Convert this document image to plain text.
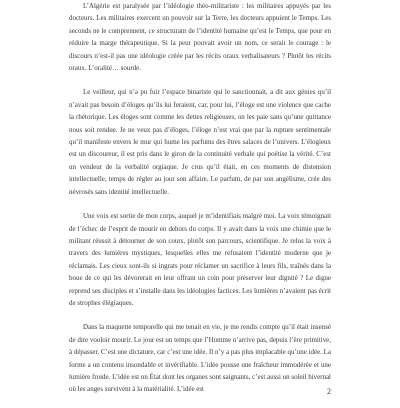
L’Algérie est paralysée par l’idéologie théo-militariste : les militaires appuyés par les docteurs. Les militaires exercent un pouvoir sur la Terre, les docteurs appuient le Temps. Les seconds ne le comprennent, ce structurant de l’identité humaine qu’est le Temps, que pour en réduire la marge thérapeutique. Si la peur pouvait avoir un nom, ce serait le courage : le discours n’est-il pas une idéologie créée par les récits oraux verbalisateurs ? Plutôt les récits oraux. L’oralité… sourde.

Le veilleur, qui n’a pu fuir l’espace binariste qui le sanctionnait, a dit aux génies qu’il n’avait pas besoin d’éloges qu’ils lui feraient, car, pour lui, l’éloge est une violence que cache la rhétorique. Les éloges sont comme les dettes religieuses, on les paie sans qu’une quittance nous soit rendue. Je ne veux pas d’éloges, l’éloge n’est vrai que par la rupture sentimentale qu’il manifeste envers le mur qui hume les parfums des êtres salaces de l’univers. L’élogieux est un discoureur, il est pris dans le giron de la continuité verbale qui poétise la vérité. C’est un vendeur de la verbalité orgiaque. Je crus qu’il était, en ces moments de distension intellectuelle, temps de régler au jour son affaire. Le parfum, de par son angélisme, crée des névrosés sans identité intellectuelle.

Une voix est sortie de mon corps, auquel je m’identifiais malgré moi. La voix témoignait de l’échec de l’esprit de mourir en dehors du corps. Il y avait dans la voix une chimie que le militant réussit à détourner de son cours, plutôt son parcours, scientifique. Je relus la voix à travers des lumières mystiques, lesquelles elles me refusaient l’identité moderne que je réclamais. Les cieux sont-ils si ingrats pour réclamer un sacrifice à leurs fils, traînés dans la boue de ce qui les dévorerait en leur offrant un coin pour préserver leur dignité ? Le digne reprend ses disciples et s’installe dans les idéologies factices. Les lumières n’avaient pas écrit de strophes élégiaques.

Dans la maquette temporelle qui me tenait en vie, je me rendis compte qu’il était insensé de dire vouloir mourir. Le jour est un temps que l’Homme n’arrive pas, depuis l’ère primitive, à dépasser. C’est une dictature, car c’est une idée. Il n’y a pas plus implacable qu’une idée. La forme a un contenu insondable et invérifiable. L’idée pousse une fraîcheur immodérée et une lumière froide. L’idée est un État dont les organes sont saignants, c’est aussi un soleil hivernal où les anges survivent à la matérialité. L’idée est	2
